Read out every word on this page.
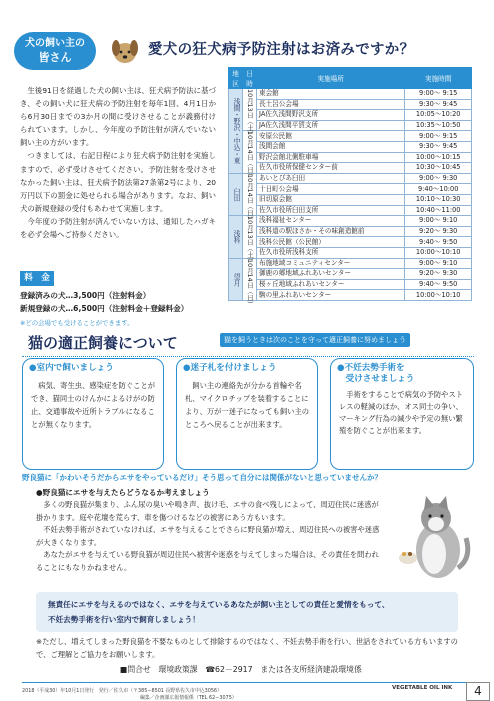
犬の飼い主の
皆さん	愛犬の狂犬病予防注射はお済みですか？

生後91日を経過した犬の飼い主は、狂犬病予防法に基づき、その飼い犬に狂犬病の予防注射を毎年1回、4月1日から6月30日までの3か月の間に受けさせることが義務付けられています。しかし、今年度の予防注射が済んでいない飼い主の方がいます。

つきましては、右記日程により狂犬病予防注射を実施しますので、必ず受けさせてください。予防注射を受けさせなかった飼い主は、狂犬病予防法第27条第2号により、20万円以下の罰金に処せられる場合があります。なお、飼い犬の新規登録の受付もあわせて実施します。

今年度の予防注射が済んでいない方は、通知したハガキを必ず会場へご持参ください。

料　金
登録済みの犬…3,500円（注射料金）
新規登録の犬…6,500円（注射料金＋登録料金）
※どの会場でも受けることができます。
地区	日時	実施場所	実施時間
浅間・野沢・中込・東	10月13日（土）	東会館	9:00～ 9:15
		長土呂公会場	9:30～ 9:45
		JA佐久浅間野沢支所	10:05～10:20
		JA佐久浅間平賀支所	10:35～10:50
	10月14日（日）	安原公民館	9:00～ 9:15
		浅間会館	9:30～ 9:45
		野沢会館北側駐車場	10:00～10:15
		佐久市役所保健センター前	10:30～10:45
臼田	10月14日（日）	あいとぴあ臼田	9:00～ 9:30
		十日町公会場	9:40～10:00
		旧切原会館	10:10～10:30
		佐久市役所臼田支所	10:40～11:00
浅科	10月13日（土）	浅科福祉センター	9:00～ 9:10
		浅科道の駅ほさか・その味創造館前	9:20～ 9:30
		浅科公民館（公民館）	9:40～ 9:50
		佐久市役所浅科支所	10:00～10:10
望月	10月14日（日）	布施地域コミュニティセンター	9:00～ 9:10
		御鹿の郷地域ふれあいセンター	9:20～ 9:30
		桜ヶ丘地域ふれあいセンター	9:40～ 9:50
		駒の里ふれあいセンター	10:00～10:10
猫の適正飼養について	猫を飼うときは次のことを守って適正飼養に努めましょう
●室内で飼いましょう
病気、寄生虫、感染症を防ぐことができ、猫同士のけんかによるけがの防止、交通事故や近所トラブルになることが無くなります。
●迷子札を付けましょう
飼い主の連絡先が分かる首輪や名札、マイクロチップを装着することにより、万が一迷子になっても飼い主のところへ戻ることが出来ます。
●不妊去勢手術を
　受けさせましょう
手術をすることで病気の予防やストレスの軽減のほか、オス同士の争い、マーキング行為の減少や予定の無い繁殖を防ぐことが出来ます。
野良猫に「かわいそうだからエサをやっているだけ」そう思って自分には関係がないと思っていませんか？
●野良猫にエサを与えたらどうなるか考えましょう

多くの野良猫が集まり、ふん尿の臭いや鳴き声、抜け毛、エサの食べ残しによって、周辺住民に迷惑が掛かります。庭や花壇を荒らす、車を傷つけるなどの被害にあう方もいます。

不妊去勢手術がされていなければ、エサを与えることでさらに野良猫が増え、周辺住民への被害や迷惑が大きくなります。

あなたがエサを与えている野良猫が周辺住民へ被害や迷惑を与えてしまった場合は、その責任を問われることにもなりかねません。

無責任にエサを与えるのではなく、エサを与えているあなたが飼い主としての責任と愛情をもって、
不妊去勢手術を行い室内で飼育しましょう！
※ただし、増えてしまった野良猫を不要なものとして排除するのではなく、不妊去勢手術を行い、世話をされている方もいますので、ご理解とご協力をお願いします。
■問合せ　環境政策課　☎62－2917　または各支所経済建設環境係
2018（平成30）年10月1日発行　発行／佐久市（〒385−8501 長野県佐久市中込3056）
編集／企画課広報情報係（TEL 62−3075）
VEGETABLE OIL INK	4
